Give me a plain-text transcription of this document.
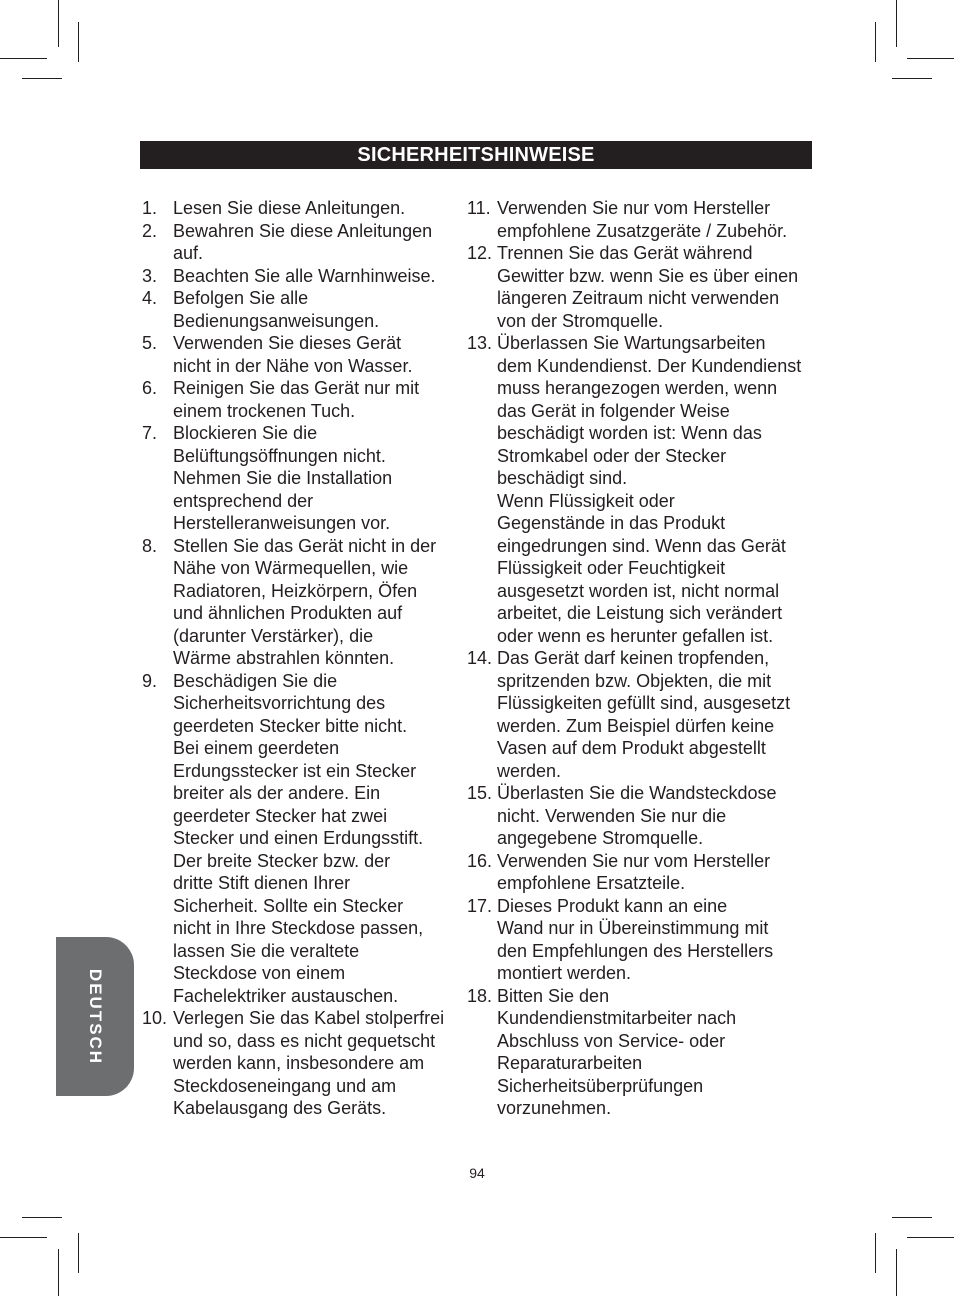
SICHERHEITSHINWEISE
1. Lesen Sie diese Anleitungen.
2. Bewahren Sie diese Anleitungen
auf.
3. Beachten Sie alle Warnhinweise.
4. Befolgen Sie alle
Bedienungsanweisungen.
5. Verwenden Sie dieses Gerät
nicht in der Nähe von Wasser.
6. Reinigen Sie das Gerät nur mit
einem trockenen Tuch.
7. Blockieren Sie die
Belüftungsöffnungen nicht.
Nehmen Sie die Installation
entsprechend der
Herstelleranweisungen vor.
8. Stellen Sie das Gerät nicht in der
Nähe von Wärmequellen, wie
Radiatoren, Heizkörpern, Öfen
und ähnlichen Produkten auf
(darunter Verstärker), die
Wärme abstrahlen könnten.
9. Beschädigen Sie die
Sicherheitsvorrichtung des
geerdeten Stecker bitte nicht.
Bei einem geerdeten
Erdungsstecker ist ein Stecker
breiter als der andere. Ein
geerdeter Stecker hat zwei
Stecker und einen Erdungsstift.
Der breite Stecker bzw. der
dritte Stift dienen Ihrer
Sicherheit. Sollte ein Stecker
nicht in Ihre Steckdose passen,
lassen Sie die veraltete
Steckdose von einem
Fachelektriker austauschen.
10. Verlegen Sie das Kabel stolperfrei
und so, dass es nicht gequetscht
werden kann, insbesondere am
Steckdoseneingang und am
Kabelausgang des Geräts.
11. Verwenden Sie nur vom Hersteller
empfohlene Zusatzgeräte / Zubehör.
12. Trennen Sie das Gerät während
Gewitter bzw. wenn Sie es über einen
längeren Zeitraum nicht verwenden
von der Stromquelle.
13. Überlassen Sie Wartungsarbeiten
dem Kundendienst. Der Kundendienst
muss herangezogen werden, wenn
das Gerät in folgender Weise
beschädigt worden ist: Wenn das
Stromkabel oder der Stecker
beschädigt sind.
Wenn Flüssigkeit oder
Gegenstände in das Produkt
eingedrungen sind. Wenn das Gerät
Flüssigkeit oder Feuchtigkeit
ausgesetzt worden ist, nicht normal
arbeitet, die Leistung sich verändert
oder wenn es herunter gefallen ist.
14. Das Gerät darf keinen tropfenden,
spritzenden bzw. Objekten, die mit
Flüssigkeiten gefüllt sind, ausgesetzt
werden. Zum Beispiel dürfen keine
Vasen auf dem Produkt abgestellt
werden.
15. Überlasten Sie die Wandsteckdose
nicht. Verwenden Sie nur die
angegebene Stromquelle.
16. Verwenden Sie nur vom Hersteller
empfohlene Ersatzteile.
17. Dieses Produkt kann an eine
Wand nur in Übereinstimmung mit
den Empfehlungen des Herstellers
montiert werden.
18. Bitten Sie den
Kundendienstmitarbeiter nach
Abschluss von Service- oder
Reparaturarbeiten
Sicherheitsüberprüfungen
vorzunehmen.
DEUTSCH
94
